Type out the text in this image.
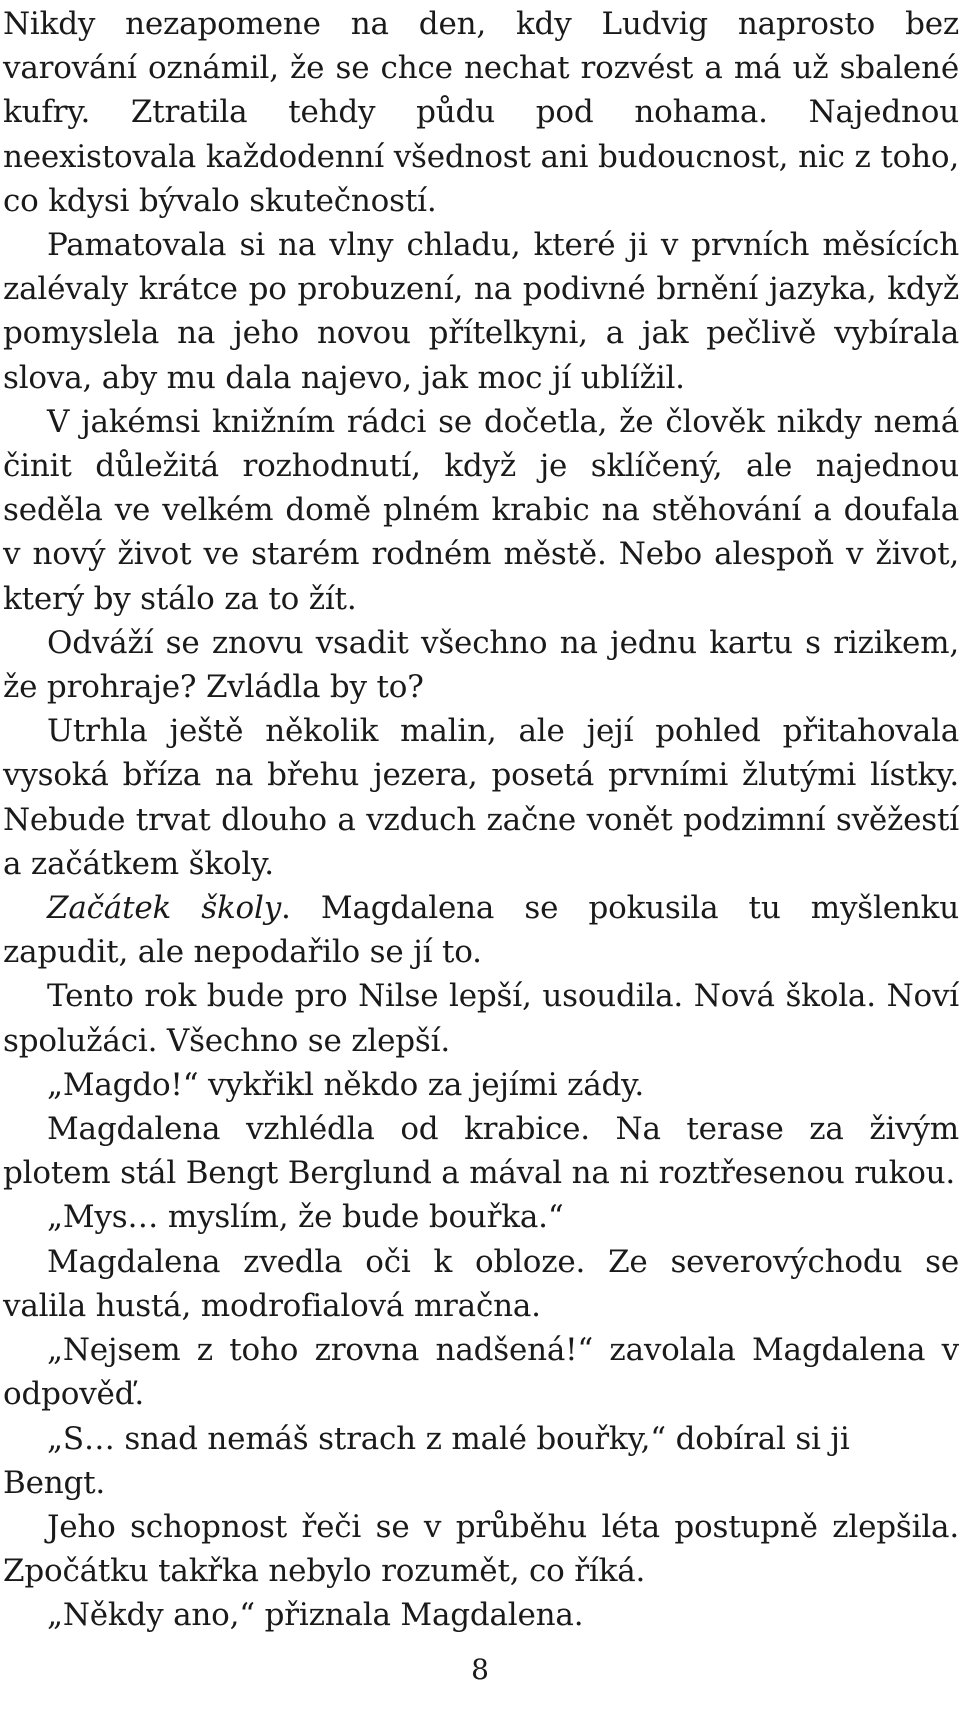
Nikdy nezapomene na den, kdy Ludvig naprosto bez varování oznámil, že se chce nechat rozvést a má už sbalené kufry. Ztratila tehdy půdu pod nohama. Najednou neexistovala každodenní všednost ani budoucnost, nic z toho, co kdysi bývalo skutečností.

Pamatovala si na vlny chladu, které ji v prvních měsících zalévaly krátce po probuzení, na podivné brnění jazyka, když pomyslela na jeho novou přítelkyni, a jak pečlivě vybírala slova, aby mu dala najevo, jak moc jí ublížil.

V jakémsi knižním rádci se dočetla, že člověk nikdy nemá činit důležitá rozhodnutí, když je sklíčený, ale najednou seděla ve velkém domě plném krabic na stěhování a doufala v nový život ve starém rodném městě. Nebo alespoň v život, který by stálo za to žít.

Odváží se znovu vsadit všechno na jednu kartu s rizikem, že prohraje? Zvládla by to?

Utrhla ještě několik malin, ale její pohled přitahovala vysoká bříza na břehu jezera, posetá prvními žlutými lístky. Nebude trvat dlouho a vzduch začne vonět podzimní svěžestí a začátkem školy.

Začátek školy. Magdalena se pokusila tu myšlenku zapudit, ale nepodařilo se jí to.

Tento rok bude pro Nilse lepší, usoudila. Nová škola. Noví spolužáci. Všechno se zlepší.

„Magdo!“ vykřikl někdo za jejími zády.

Magdalena vzhlédla od krabice. Na terase za živým plotem stál Bengt Berglund a mával na ni roztřesenou rukou.

„Mys… myslím, že bude bouřka.“

Magdalena zvedla oči k obloze. Ze severovýchodu se valila hustá, modrofialová mračna.

„Nejsem z toho zrovna nadšená!“ zavolala Magdalena v odpověď.

„S… snad nemáš strach z malé bouřky,“ dobíral si ji Bengt.

Jeho schopnost řeči se v průběhu léta postupně zlepšila. Zpočátku takřka nebylo rozumět, co říká.

„Někdy ano,“ přiznala Magdalena.

8
